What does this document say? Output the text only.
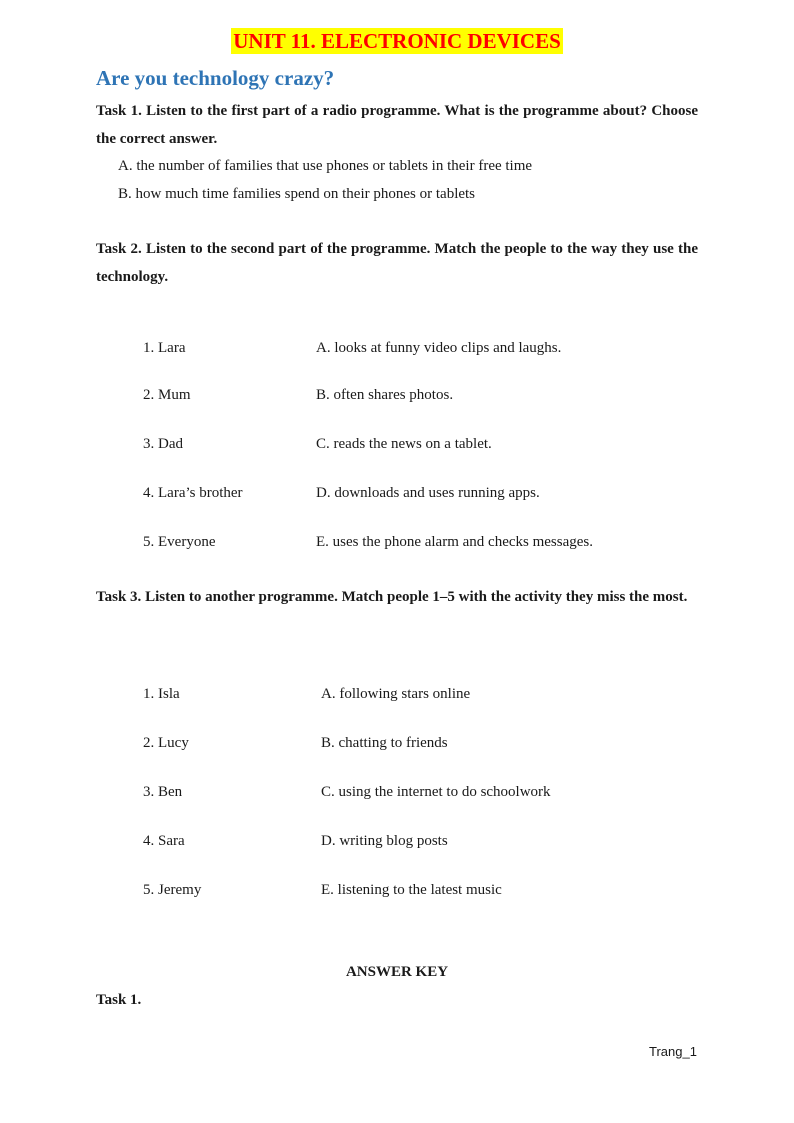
UNIT 11. ELECTRONIC DEVICES
Are you technology crazy?
Task 1. Listen to the first part of a radio programme. What is the programme about? Choose the correct answer.
A. the number of families that use phones or tablets in their free time
B. how much time families spend on their phones or tablets
Task 2. Listen to the second part of the programme. Match the people to the way they use the technology.
1. Lara	A. looks at funny video clips and laughs.
2. Mum	B. often shares photos.
3. Dad	C. reads the news on a tablet.
4. Lara’s brother	D. downloads and uses running apps.
5. Everyone	E. uses the phone alarm and checks messages.
Task 3. Listen to another programme. Match people 1–5 with the activity they miss the most.
1. Isla	A. following stars online
2. Lucy	B. chatting to friends
3. Ben	C. using the internet to do schoolwork
4. Sara	D. writing blog posts
5. Jeremy	E. listening to the latest music
ANSWER KEY
Task 1.
Trang_1
